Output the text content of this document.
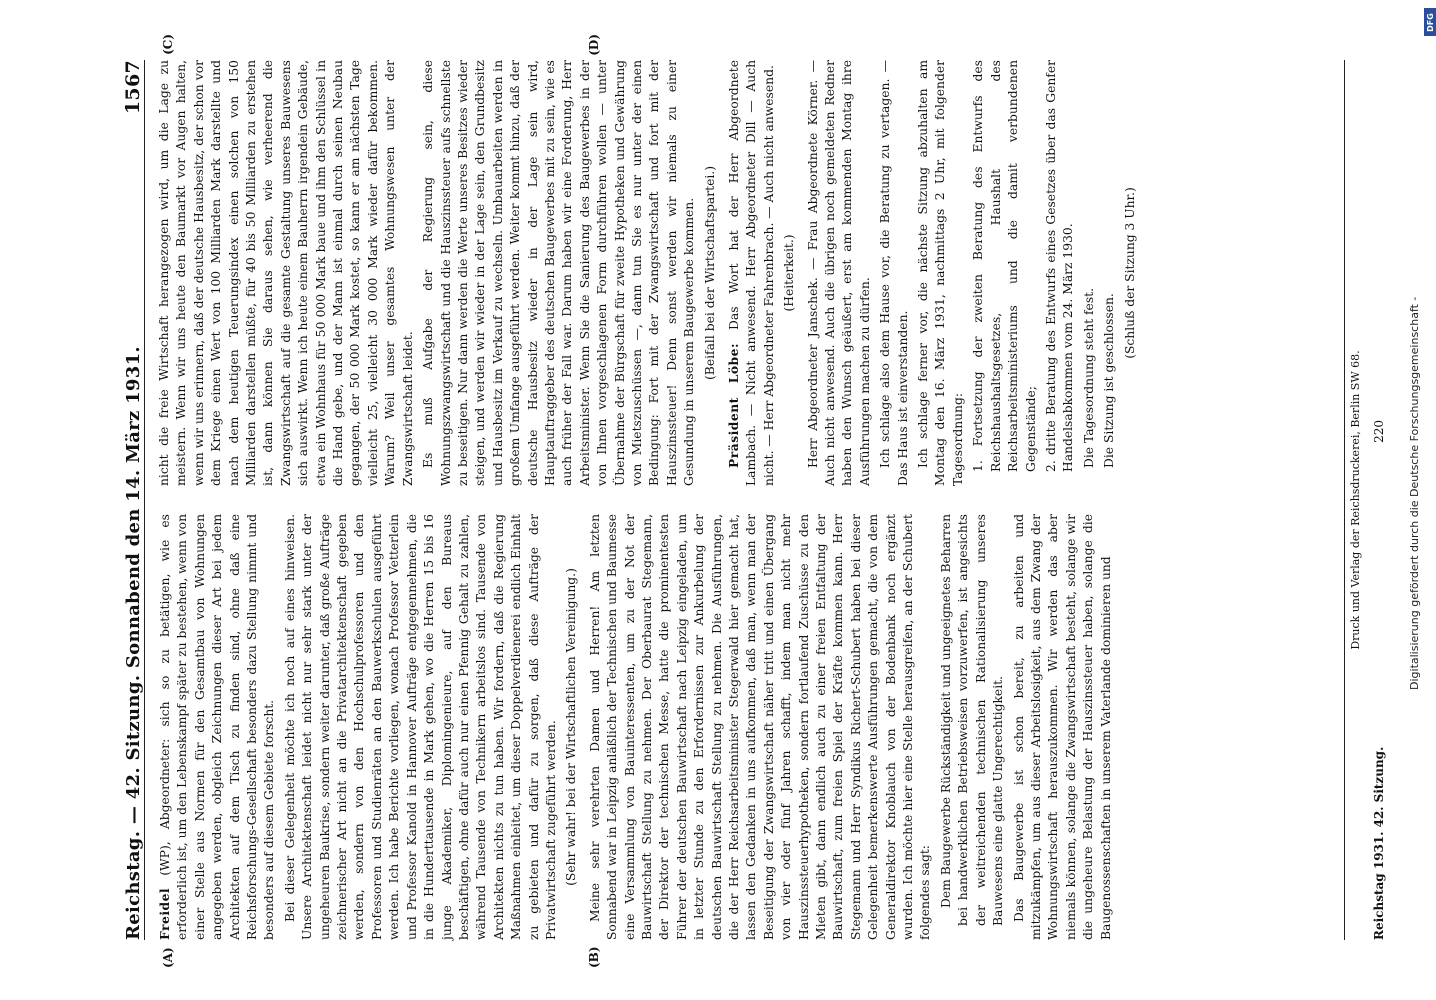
Reichstag. — 42. Sitzung. Sonnabend den 14. März 1931.
1567
(A)	(B)

Freidel (WP), Abgeordneter: sich so zu betätigen, wie es erforderlich ist, um den Lebenskampf später zu bestehen, wenn von einer Stelle aus Normen für den Gesamtbau von Wohnungen angegeben werden, obgleich Zeichnungen dieser Art bei jedem Architekten auf dem Tisch zu finden sind, ohne daß eine Reichsforschungs-Gesellschaft besonders dazu Stellung nimmt und besonders auf diesem Gebiete forscht. Bei dieser Gelegenheit möchte ich noch auf eines hinweisen. Unsere Architektenschaft leidet nicht nur sehr stark unter der ungeheuren Baukrise, sondern weiter darunter, daß große Aufträge zeichnerischer Art nicht an die Privatarchitektenschaft gegeben werden, sondern von den Hochschulprofessoren und den Professoren und Studienräten an den Bauwerkschulen ausgeführt werden. Ich habe Berichte vorliegen, wonach Professor Vetterlein und Professor Kanold in Hannover Aufträge entgegennehmen, die in die Hunderttausende in Mark gehen, wo die Herren 15 bis 16 junge Akademiker, Diplomingenieure, auf den Bureaus beschäftigen, ohne dafür auch nur einen Pfennig Gehalt zu zahlen, während Tausende von Technikern arbeitslos sind. Tausende von Architekten nichts zu tun haben. Wir fordern, daß die Regierung Maßnahmen einleitet, um dieser Doppelverdienerei endlich Einhalt zu gebieten und dafür zu sorgen, daß diese Aufträge der Privatwirtschaft zugeführt werden. (Sehr wahr! bei der Wirtschaftlichen Vereinigung.) Meine sehr verehrten Damen und Herren! Am letzten Sonnabend war in Leipzig anläßlich der Technischen und Baumesse eine Versammlung von Bauinteressenten, um zu der Not der Bauwirtschaft Stellung zu nehmen. Der Oberbaurat Stegemann, der Direktor der technischen Messe, hatte die prominentesten Führer der deutschen Bauwirtschaft nach Leipzig eingeladen, um in letzter Stunde zu den Erfordernissen zur Ankurbelung der deutschen Bauwirtschaft Stellung zu nehmen. Die Ausführungen, die der Herr Reichsarbeitsminister Stegerwald hier gemacht hat, lassen den Gedanken in uns aufkommen, daß man, wenn man der Beseitigung der Zwangswirtschaft näher tritt und einen Übergang von vier oder fünf Jahren schafft, indem man nicht mehr Hauszinssteuerhypotheken, sondern fortlaufend Zuschüsse zu den Mieten gibt, dann endlich auch zu einer freien Entfaltung der Bauwirtschaft, zum freien Spiel der Kräfte kommen kann. Herr Stegemann und Herr Syndikus Richert-Schubert haben bei dieser Gelegenheit bemerkenswerte Ausführungen gemacht, die von dem Generaldirektor Knoblauch von der Bodenbank noch ergänzt wurden. Ich möchte hier eine Stelle herausgreifen, an der Schubert folgendes sagt: Dem Baugewerbe Rückständigkeit und ungeeignetes Beharren bei handwerklichen Betriebsweisen vorzuwerfen, ist angesichts der weitreichenden technischen Rationalisierung unseres Bauwesens eine glatte Ungerechtigkeit. Das Baugewerbe ist schon bereit, zu arbeiten und mitzukämpfen, um aus dieser Arbeitslosigkeit, aus dem Zwang der Wohnungswirtschaft herauszukommen. Wir werden das aber niemals können, solange die Zwangswirtschaft besteht, solange wir die ungeheure Belastung der Hauszinssteuer haben, solange die Baugenossenschaften in unserem Vaterlande dominieren und

(C)	(D)

nicht die freie Wirtschaft herangezogen wird, um die Lage zu meistern. Wenn wir uns heute den Baumarkt vor Augen halten, wenn wir uns erinnern, daß der deutsche Hausbesitz, der schon vor dem Kriege einen Wert von 100 Milliarden Mark darstellte und nach dem heutigen Teuerungsindex einen solchen von 150 Milliarden darstellen müßte, für 40 bis 50 Milliarden zu erstehen ist, dann können Sie daraus sehen, wie verheerend die Zwangswirtschaft auf die gesamte Gestaltung unseres Bauwesens sich auswirkt. Wenn ich heute einem Bauherrn irgendein Gebäude, etwa ein Wohnhaus für 50 000 Mark baue und ihm den Schlüssel in die Hand gebe, und der Mann ist einmal durch seinen Neubau gegangen, der 50 000 Mark kostet, so kann er am nächsten Tage vielleicht 25, vielleicht 30 000 Mark wieder dafür bekommen. Warum? Weil unser gesamtes Wohnungswesen unter der Zwangswirtschaft leidet. Es muß Aufgabe der Regierung sein, diese Wohnungszwangswirtschaft und die Hauszinssteuer aufs schnellste zu beseitigen. Nur dann werden die Werte unseres Besitzes wieder steigen, und werden wir wieder in der Lage sein, den Grundbesitz und Hausbesitz im Verkauf zu wechseln. Umbauarbeiten werden in großem Umfange ausgeführt werden. Weiter kommt hinzu, daß der deutsche Hausbesitz wieder in der Lage sein wird, Hauptauftraggeber des deutschen Baugewerbes mit zu sein, wie es auch früher der Fall war. Darum haben wir eine Forderung, Herr Arbeitsminister. Wenn Sie die Sanierung des Baugewerbes in der von Ihnen vorgeschlagenen Form durchführen wollen — unter Übernahme der Bürgschaft für zweite Hypotheken und Gewährung von Mietszuschüssen —, dann tun Sie es nur unter der einen Bedingung: Fort mit der Zwangswirtschaft und fort mit der Hauszinssteuer! Denn sonst werden wir niemals zu einer Gesundung in unserem Baugewerbe kommen. (Beifall bei der Wirtschaftspartei.)

Präsident Löbe: Das Wort hat der Herr Abgeordnete Lambach. — Nicht anwesend. Herr Abgeordneter Dill — Auch nicht. — Herr Abgeordneter Fahrenbrach. — Auch nicht anwesend. (Heiterkeit.) Herr Abgeordneter Janschek. — Frau Abgeordnete Körner. — Auch nicht anwesend. Auch die übrigen noch gemeldeten Redner haben den Wunsch geäußert, erst am kommenden Montag ihre Ausführungen machen zu dürfen. Ich schlage also dem Hause vor, die Beratung zu vertagen. — Das Haus ist einverstanden. Ich schlage ferner vor, die nächste Sitzung abzuhalten am Montag den 16. März 1931, nachmittags 2 Uhr, mit folgender Tagesordnung: 1. Fortsetzung der zweiten Beratung des Entwurfs des Reichshaushaltsgesetzes, Haushalt des Reichsarbeitsministeriums und die damit verbundenen Gegenstände; 2. dritte Beratung des Entwurfs eines Gesetzes über das Genfer Handelsabkommen vom 24. März 1930. Die Tagesordnung steht fest. Die Sitzung ist geschlossen.

(Schluß der Sitzung 3 Uhr.)

Druck und Verlag der Reichsdruckerei, Berlin SW 68.
Reichstag 1931. 42. Sitzung.
220
DFG
Digitalisierung gefördert durch die Deutsche Forschungsgemeinschaft -
